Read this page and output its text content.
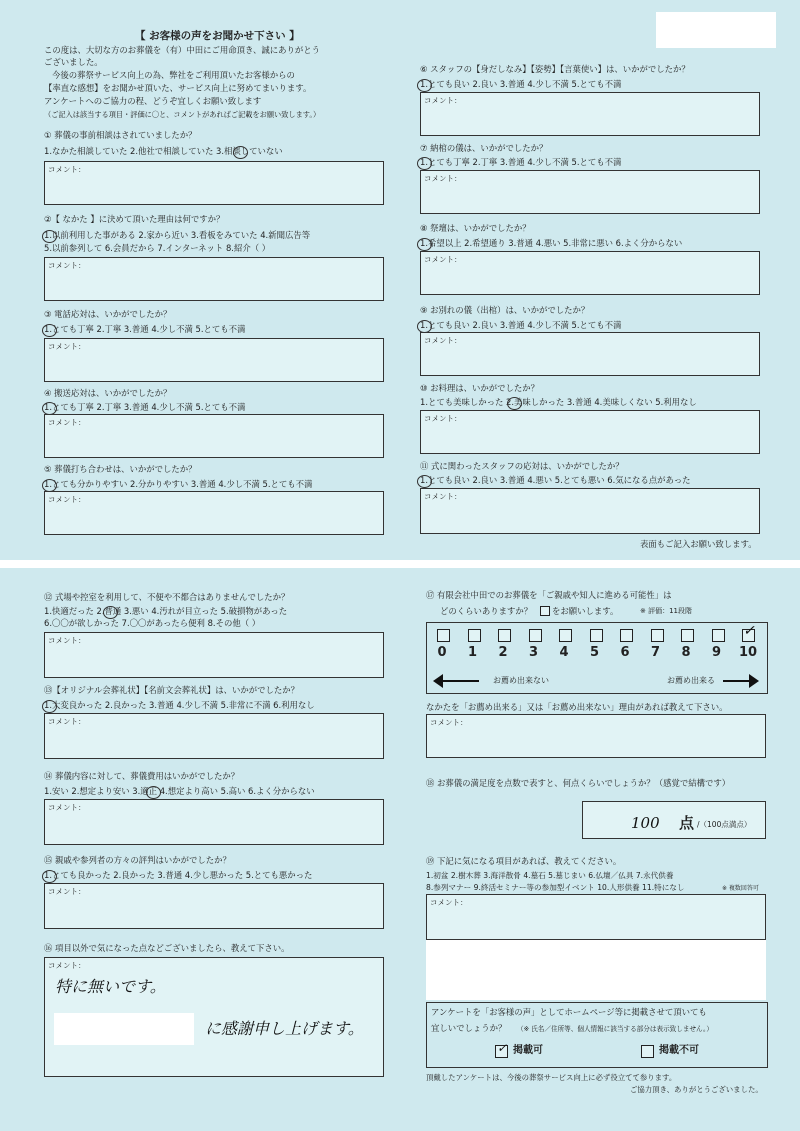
【 お客様の声をお聞かせ下さい 】
この度は、大切な方のお葬儀を（有）中田にご用命頂き、誠にありがとう
ございました。
今後の葬祭サービス向上の為、弊社をご利用頂いたお客様からの
【率直な感想】をお聞かせ頂いた、サービス向上に努めてまいります。
アンケートへのご協力の程、どうぞ宜しくお願い致します
（ご記入は該当する項目・評価に〇と、コメントがあればご記載をお願い致します。）
① 葬儀の事前相談はされていましたか？
1.なかた相談していた 2.他社で相談していた 3.相談していない
コメント：
②【 なかた 】に決めて頂いた理由は何ですか？
1.以前利用した事がある 2.家から近い 3.看板をみていた 4.新聞広告等
5.以前参列して 6.会員だから 7.インターネット 8.紹介（ ）
コメント：
③ 電話応対は、いかがでしたか？
1.とても丁寧 2.丁寧 3.普通 4.少し不満 5.とても不満
コメント：
④ 搬送応対は、いかがでしたか？
1.とても丁寧 2.丁寧 3.普通 4.少し不満 5.とても不満
コメント：
⑤ 葬儀打ち合わせは、いかがでしたか？
1.とても分かりやすい 2.分かりやすい 3.普通 4.少し不満 5.とても不満
コメント：
⑥ スタッフの【身だしなみ】【姿勢】【言葉使い】は、いかがでしたか？
1.とても良い 2.良い 3.普通 4.少し不満 5.とても不満
コメント：
⑦ 納棺の儀は、いかがでしたか？
1.とても丁寧 2.丁寧 3.普通 4.少し不満 5.とても不満
コメント：
⑧ 祭壇は、いかがでしたか？
1.希望以上 2.希望通り 3.普通 4.悪い 5.非常に悪い 6.よく分からない
コメント：
⑨ お別れの儀（出棺）は、いかがでしたか？
1.とても良い 2.良い 3.普通 4.少し不満 5.とても不満
コメント：
⑩ お料理は、いかがでしたか？
1.とても美味しかった 2.美味しかった 3.普通 4.美味しくない 5.利用なし
コメント：
⑪ 式に関わったスタッフの応対は、いかがでしたか？
1.とても良い 2.良い 3.普通 4.悪い 5.とても悪い 6.気になる点があった
コメント：
表面もご記入お願い致します。
⑫ 式場や控室を利用して、不便や不都合はありませんでしたか？
1.快適だった 2.普通 3.悪い 4.汚れが目立った 5.破損物があった
6.〇〇が欲しかった 7.〇〇があったら便利 8.その他（ ）
コメント：
⑬【オリジナル会葬礼状】【名前文会葬礼状】は、いかがでしたか？
1.大変良かった 2.良かった 3.普通 4.少し不満 5.非常に不満 6.利用なし
コメント：
⑭ 葬儀内容に対して、葬儀費用はいかがでしたか？
1.安い 2.想定より安い 3.適正 4.想定より高い 5.高い 6.よく分からない
コメント：
⑮ 親戚や参列者の方々の評判はいかがでしたか？
1.とても良かった 2.良かった 3.普通 4.少し悪かった 5.とても悪かった
コメント：
⑯ 項目以外で気になった点などございましたら、教えて下さい。
コメント：
特に無いです。
に感謝申し上げます。
⑰ 有限会社中田でのお葬儀を「ご親戚や知人に進める可能性」は
どのくらいありますか？ をお願いします。	※ 評価：11段階
0 1 2 3 4 5 6 7 8 9
✓
10
お薦め出来ない	お薦め出来る
なかたを「お薦め出来る」又は「お薦め出来ない」理由があれば教えて下さい。
コメント：
⑱ お葬儀の満足度を点数で表すと、何点くらいでしょうか？（感覚で結構です）
100 点 /（100点満点）
⑲ 下記に気になる項目があれば、教えてください。
1.初盆 2.樹木葬 3.海洋散骨 4.墓石 5.墓じまい 6.仏壇／仏具 7.永代供養
8.参列マナー 9.終活セミナー等の参加型イベント 10.人形供養 11.特になし	※ 複数回答可
コメント：
アンケートを「お客様の声」としてホームページ等に掲載させて頂いても
宜しいでしょうか？ （※ 氏名／住所等、個人情報に該当する部分は表示致しません。）
✓ 掲載可	掲載不可
頂戴したアンケートは、今後の葬祭サービス向上に必ず役立てて参ります。
ご協力頂き、ありがとうございました。
